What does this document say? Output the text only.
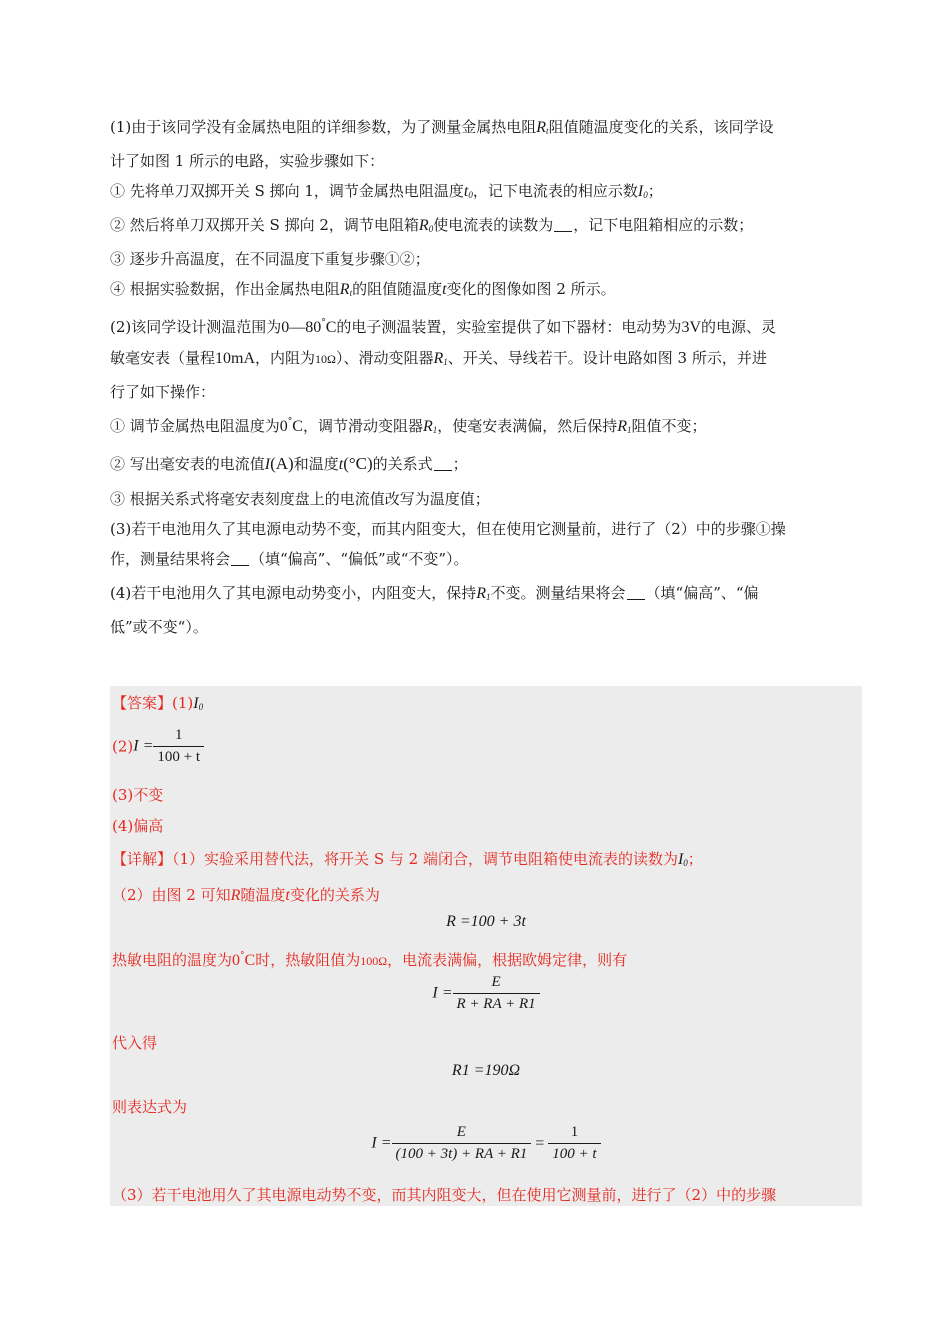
(1)由于该同学没有金属热电阻的详细参数，为了测量金属热电阻$R_t$阻值随温度变化的关系，该同学设

计了如图 1 所示的电路，实验步骤如下：

① 先将单刀双掷开关 S 掷向 1，调节金属热电阻温度$t_0$，记下电流表的相应示数$I_0$；

② 然后将单刀双掷开关 S 掷向 2，调节电阻箱$R_0$使电流表的读数为 ，记下电阻箱相应的示数；

③ 逐步升高温度，在不同温度下重复步骤①②；

④ 根据实验数据，作出金属热电阻$R_t$的阻值随温度t变化的图像如图 2 所示。

(2)该同学设计测温范围为0—80°C的电子测温装置，实验室提供了如下器材：电动势为3V的电源、灵

敏毫安表（量程10mA，内阻为10Ω）、滑动变阻器$R_1$、开关、导线若干。设计电路如图 3 所示，并进

行了如下操作：

① 调节金属热电阻温度为0°C，调节滑动变阻器$R_1$，使毫安表满偏，然后保持$R_1$阻值不变；

② 写出毫安表的电流值I(A)和温度t(°C)的关系式 ；

③ 根据关系式将毫安表刻度盘上的电流值改写为温度值；

(3)若干电池用久了其电源电动势不变，而其内阻变大，但在使用它测量前，进行了（2）中的步骤①操

作，测量结果将会 （填“偏高”、“偏低”或“不变”）。

(4)若干电池用久了其电源电动势变小，内阻变大，保持$R_1$不变。测量结果将会 （填“偏高”、“偏

低”或不变“）。

【答案】$(1)I_0$
$(2)I = \frac{1}{100 + t}$
(3)不变
(4)偏高
【详解】（1）实验采用替代法，将开关 S 与 2 端闭合，调节电阻箱使电流表的读数为$I_0$；
（2）由图 2 可知R随温度t变化的关系为
R =100 + 3t
热敏电阻的温度为0°C时，热敏阻值为100Ω，电流表满偏，根据欧姆定律，则有
$I = \frac{E}{R + RA + R1}$
代入得
R1 =190Ω
则表达式为
$I = \frac{E}{(100 + 3t) + RA + R1} = \frac{1}{100 + t}$
（3）若干电池用久了其电源电动势不变，而其内阻变大，但在使用它测量前，进行了（2）中的步骤
